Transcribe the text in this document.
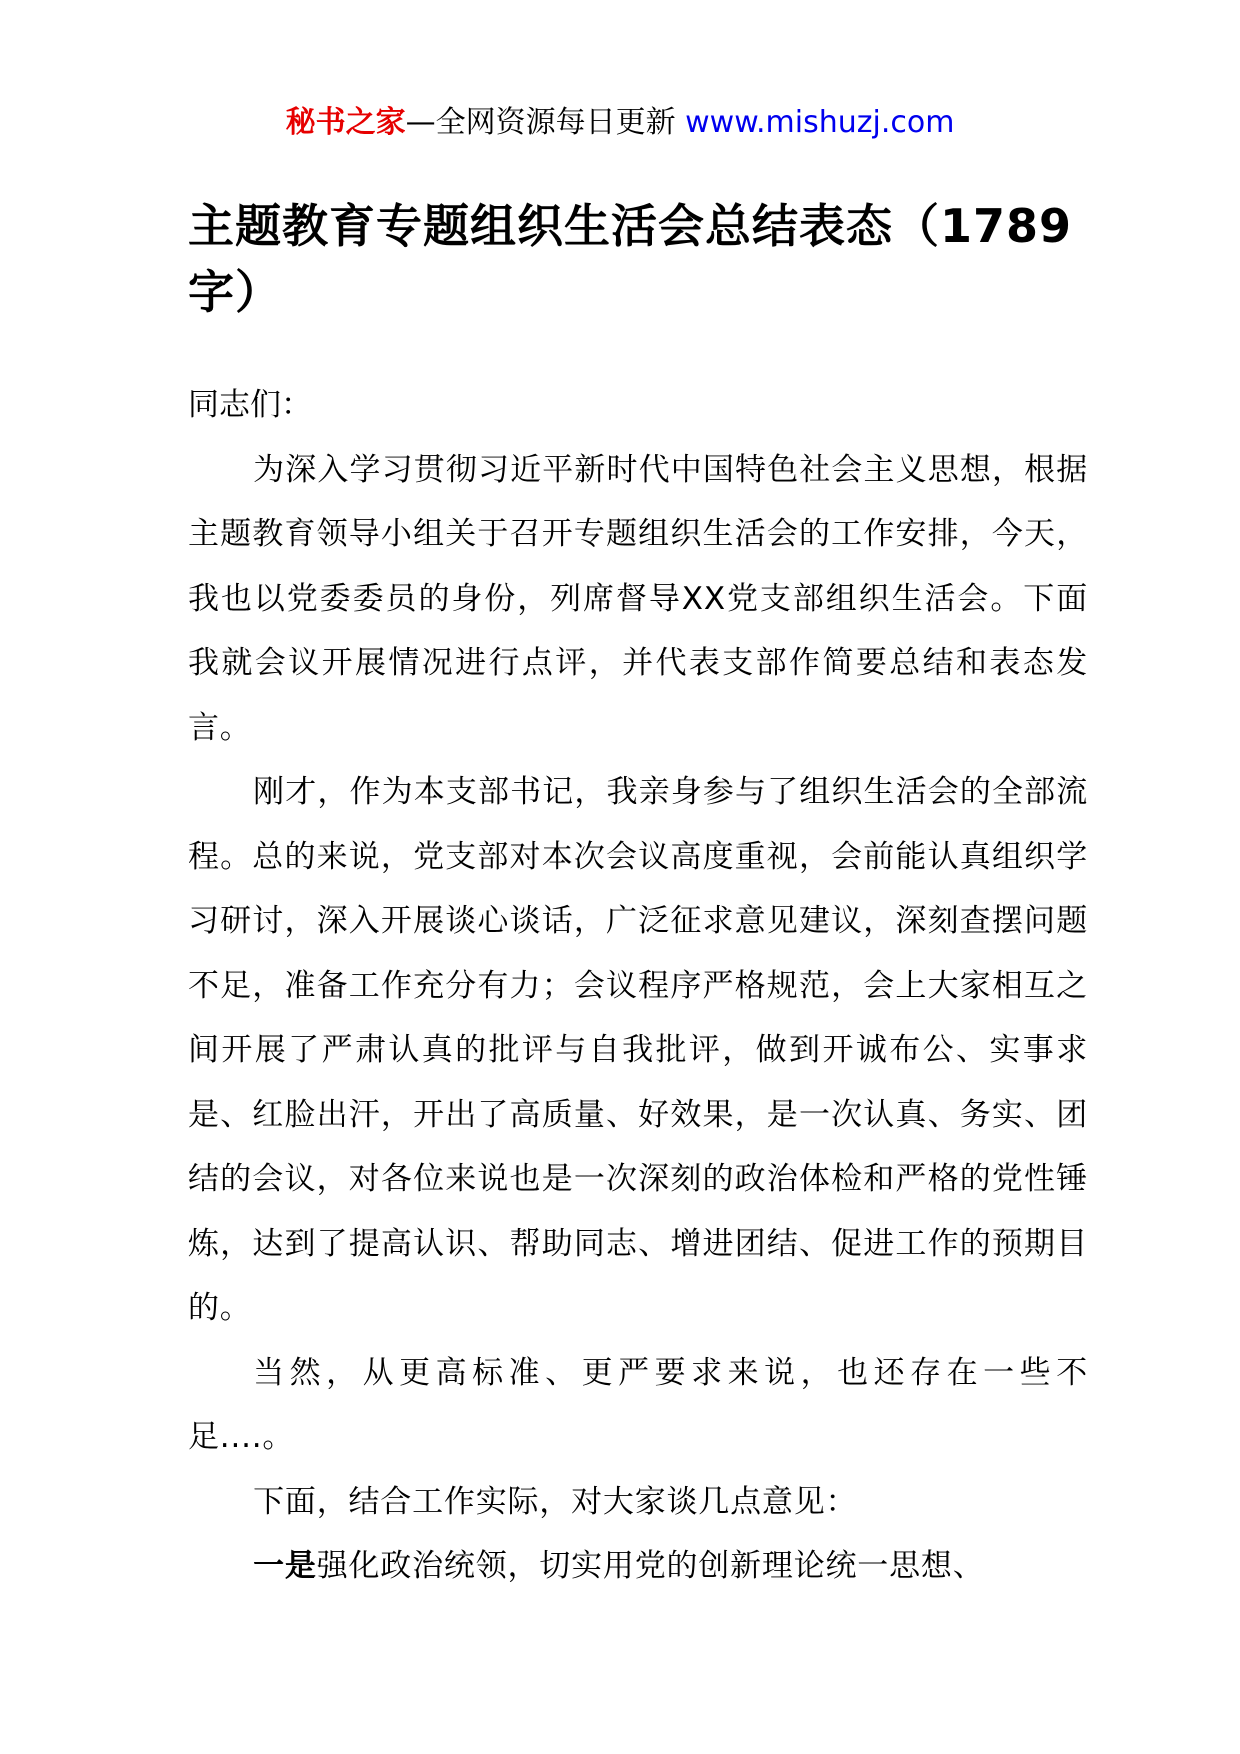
秘书之家—全网资源每日更新 www.mishuzj.com
主题教育专题组织生活会总结表态（1789字）

同志们：

为深入学习贯彻习近平新时代中国特色社会主义思想，根据主题教育领导小组关于召开专题组织生活会的工作安排，今天，我也以党委委员的身份，列席督导XX党支部组织生活会。下面我就会议开展情况进行点评，并代表支部作简要总结和表态发言。

刚才，作为本支部书记，我亲身参与了组织生活会的全部流程。总的来说，党支部对本次会议高度重视，会前能认真组织学习研讨，深入开展谈心谈话，广泛征求意见建议，深刻查摆问题不足，准备工作充分有力；会议程序严格规范，会上大家相互之间开展了严肃认真的批评与自我批评，做到开诚布公、实事求是、红脸出汗，开出了高质量、好效果，是一次认真、务实、团结的会议，对各位来说也是一次深刻的政治体检和严格的党性锤炼，达到了提高认识、帮助同志、增进团结、促进工作的预期目的。

当然，从更高标准、更严要求来说，也还存在一些不足....。

下面，结合工作实际，对大家谈几点意见：

一是强化政治统领，切实用党的创新理论统一思想、
